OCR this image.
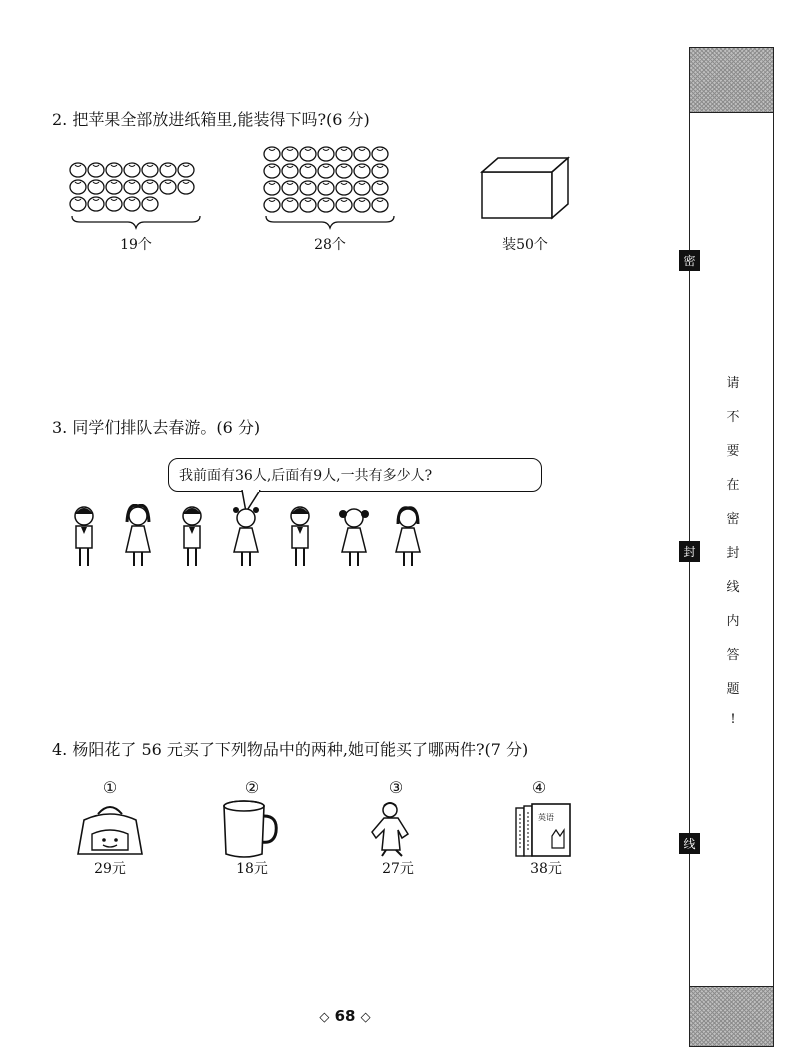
密
封
线
请
不
要
在
密
封
线
内
答
题
!
2. 把苹果全部放进纸箱里,能装得下吗?(6 分)
19个	28个	装50个
3. 同学们排队去春游。(6 分)
我前面有36人,后面有9人,一共有多少人?
4. 杨阳花了 56 元买了下列物品中的两种,她可能买了哪两件?(7 分)
①
29元
②
18元
③
27元
④
英语
38元
◇ 68 ◇
